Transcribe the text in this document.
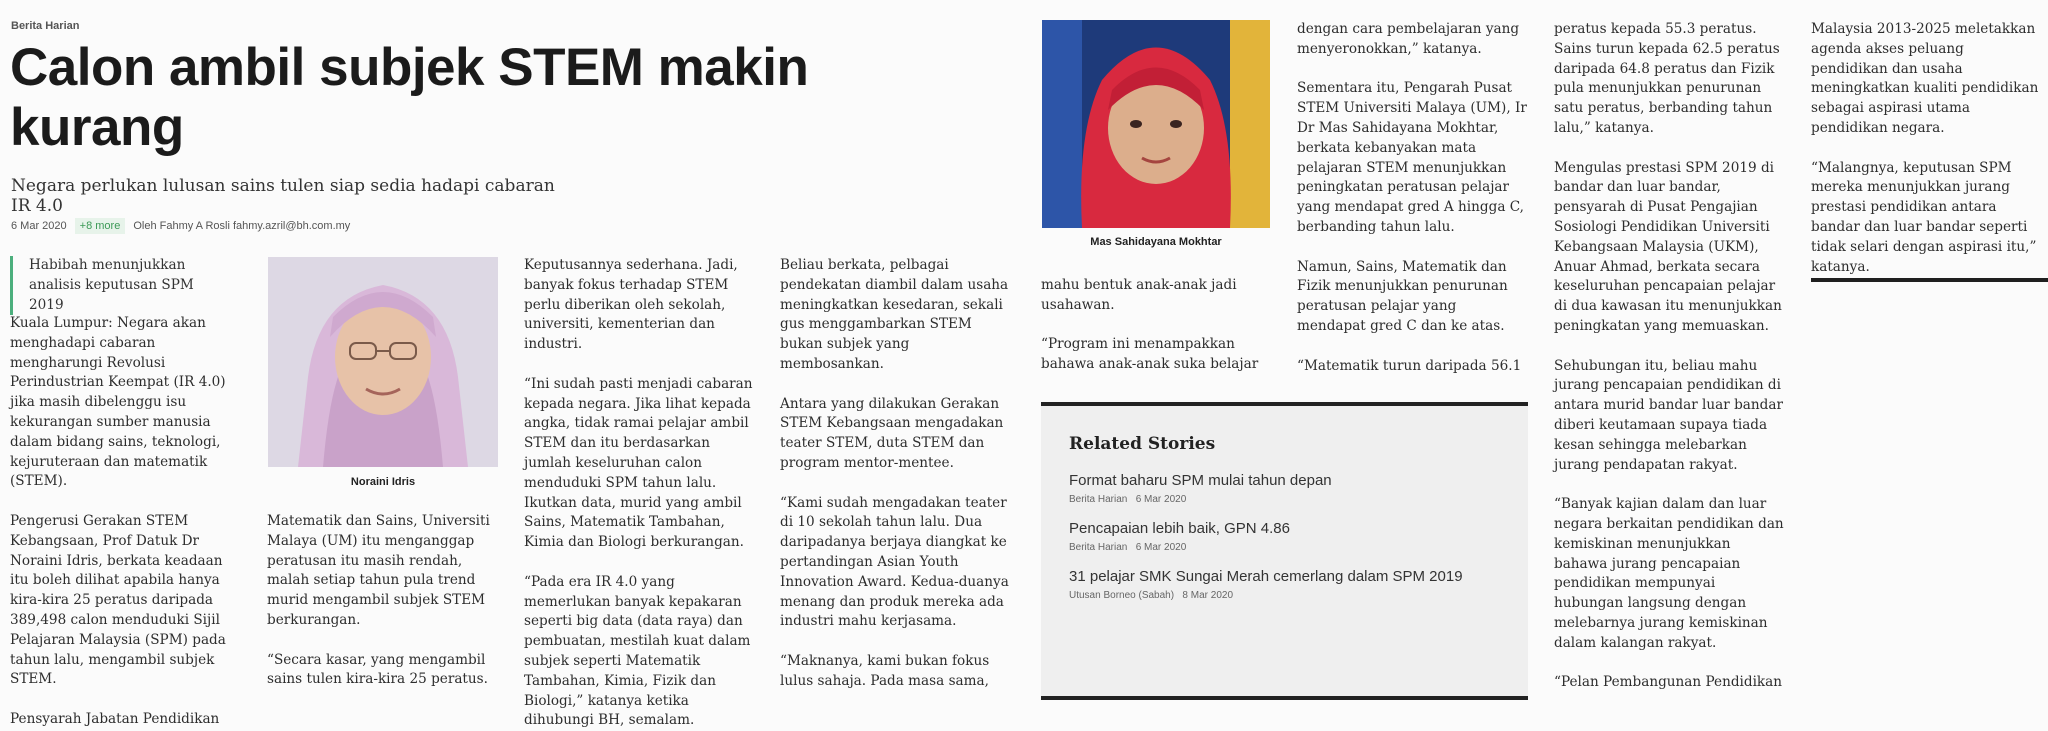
Berita Harian
Calon ambil subjek STEM makin kurang
Negara perlukan lulusan sains tulen siap sedia hadapi cabaran IR 4.0
6 Mar 2020	+8 more	Oleh Fahmy A Rosli fahmy.azril@bh.com.my
Habibah menunjukkan analisis keputusan SPM 2019

Kuala Lumpur: Negara akan menghadapi cabaran mengharungi Revolusi Perindustrian Keempat (IR 4.0) jika masih dibelenggu isu kekurangan sumber manusia dalam bidang sains, teknologi, kejuruteraan dan matematik (STEM).

Pengerusi Gerakan STEM Kebangsaan, Prof Datuk Dr Noraini Idris, berkata keadaan itu boleh dilihat apabila hanya kira-kira 25 peratus daripada 389,498 calon menduduki Sijil Pelajaran Malaysia (SPM) pada tahun lalu, mengambil subjek STEM.

Pensyarah Jabatan Pendidikan

Noraini Idris

Matematik dan Sains, Universiti Malaya (UM) itu menganggap peratusan itu masih rendah, malah setiap tahun pula trend murid mengambil subjek STEM berkurangan.

“Secara kasar, yang mengambil sains tulen kira-kira 25 peratus.

Keputusannya sederhana. Jadi, banyak fokus terhadap STEM perlu diberikan oleh sekolah, universiti, kementerian dan industri.

“Ini sudah pasti menjadi cabaran kepada negara. Jika lihat kepada angka, tidak ramai pelajar ambil STEM dan itu berdasarkan jumlah keseluruhan calon menduduki SPM tahun lalu. Ikutkan data, murid yang ambil Sains, Matematik Tambahan, Kimia dan Biologi berkurangan.

“Pada era IR 4.0 yang memerlukan banyak kepakaran seperti big data (data raya) dan pembuatan, mestilah kuat dalam subjek seperti Matematik Tambahan, Kimia, Fizik dan Biologi,” katanya ketika dihubungi BH, semalam.

Beliau berkata, pelbagai pendekatan diambil dalam usaha meningkatkan kesedaran, sekali gus menggambarkan STEM bukan subjek yang membosankan.

Antara yang dilakukan Gerakan STEM Kebangsaan mengadakan teater STEM, duta STEM dan program mentor-mentee.

“Kami sudah mengadakan teater di 10 sekolah tahun lalu. Dua daripadanya berjaya diangkat ke pertandingan Asian Youth Innovation Award. Kedua-duanya menang dan produk mereka ada industri mahu kerjasama.

“Maknanya, kami bukan fokus lulus sahaja. Pada masa sama,

Mas Sahidayana Mokhtar

mahu bentuk anak-anak jadi usahawan.

“Program ini menampakkan bahawa anak-anak suka belajar

dengan cara pembelajaran yang menyeronokkan,” katanya.

Sementara itu, Pengarah Pusat STEM Universiti Malaya (UM), Ir Dr Mas Sahidayana Mokhtar, berkata kebanyakan mata pelajaran STEM menunjukkan peningkatan peratusan pelajar yang mendapat gred A hingga C, berbanding tahun lalu.

Namun, Sains, Matematik dan Fizik menunjukkan penurunan peratusan pelajar yang mendapat gred C dan ke atas.

“Matematik turun daripada 56.1

Related Stories
Format baharu SPM mulai tahun depan
Berita Harian 6 Mar 2020
Pencapaian lebih baik, GPN 4.86
Berita Harian 6 Mar 2020
31 pelajar SMK Sungai Merah cemerlang dalam SPM 2019
Utusan Borneo (Sabah) 8 Mar 2020

peratus kepada 55.3 peratus. Sains turun kepada 62.5 peratus daripada 64.8 peratus dan Fizik pula menunjukkan penurunan satu peratus, berbanding tahun lalu,” katanya.

Mengulas prestasi SPM 2019 di bandar dan luar bandar, pensyarah di Pusat Pengajian Sosiologi Pendidikan Universiti Kebangsaan Malaysia (UKM), Anuar Ahmad, berkata secara keseluruhan pencapaian pelajar di dua kawasan itu menunjukkan peningkatan yang memuaskan.

Sehubungan itu, beliau mahu jurang pencapaian pendidikan di antara murid bandar luar bandar diberi keutamaan supaya tiada kesan sehingga melebarkan jurang pendapatan rakyat.

“Banyak kajian dalam dan luar negara berkaitan pendidikan dan kemiskinan menunjukkan bahawa jurang pencapaian pendidikan mempunyai hubungan langsung dengan melebarnya jurang kemiskinan dalam kalangan rakyat.

“Pelan Pembangunan Pendidikan

Malaysia 2013-2025 meletakkan agenda akses peluang pendidikan dan usaha meningkatkan kualiti pendidikan sebagai aspirasi utama pendidikan negara.

“Malangnya, keputusan SPM mereka menunjukkan jurang prestasi pendidikan antara bandar dan luar bandar seperti tidak selari dengan aspirasi itu,” katanya.
